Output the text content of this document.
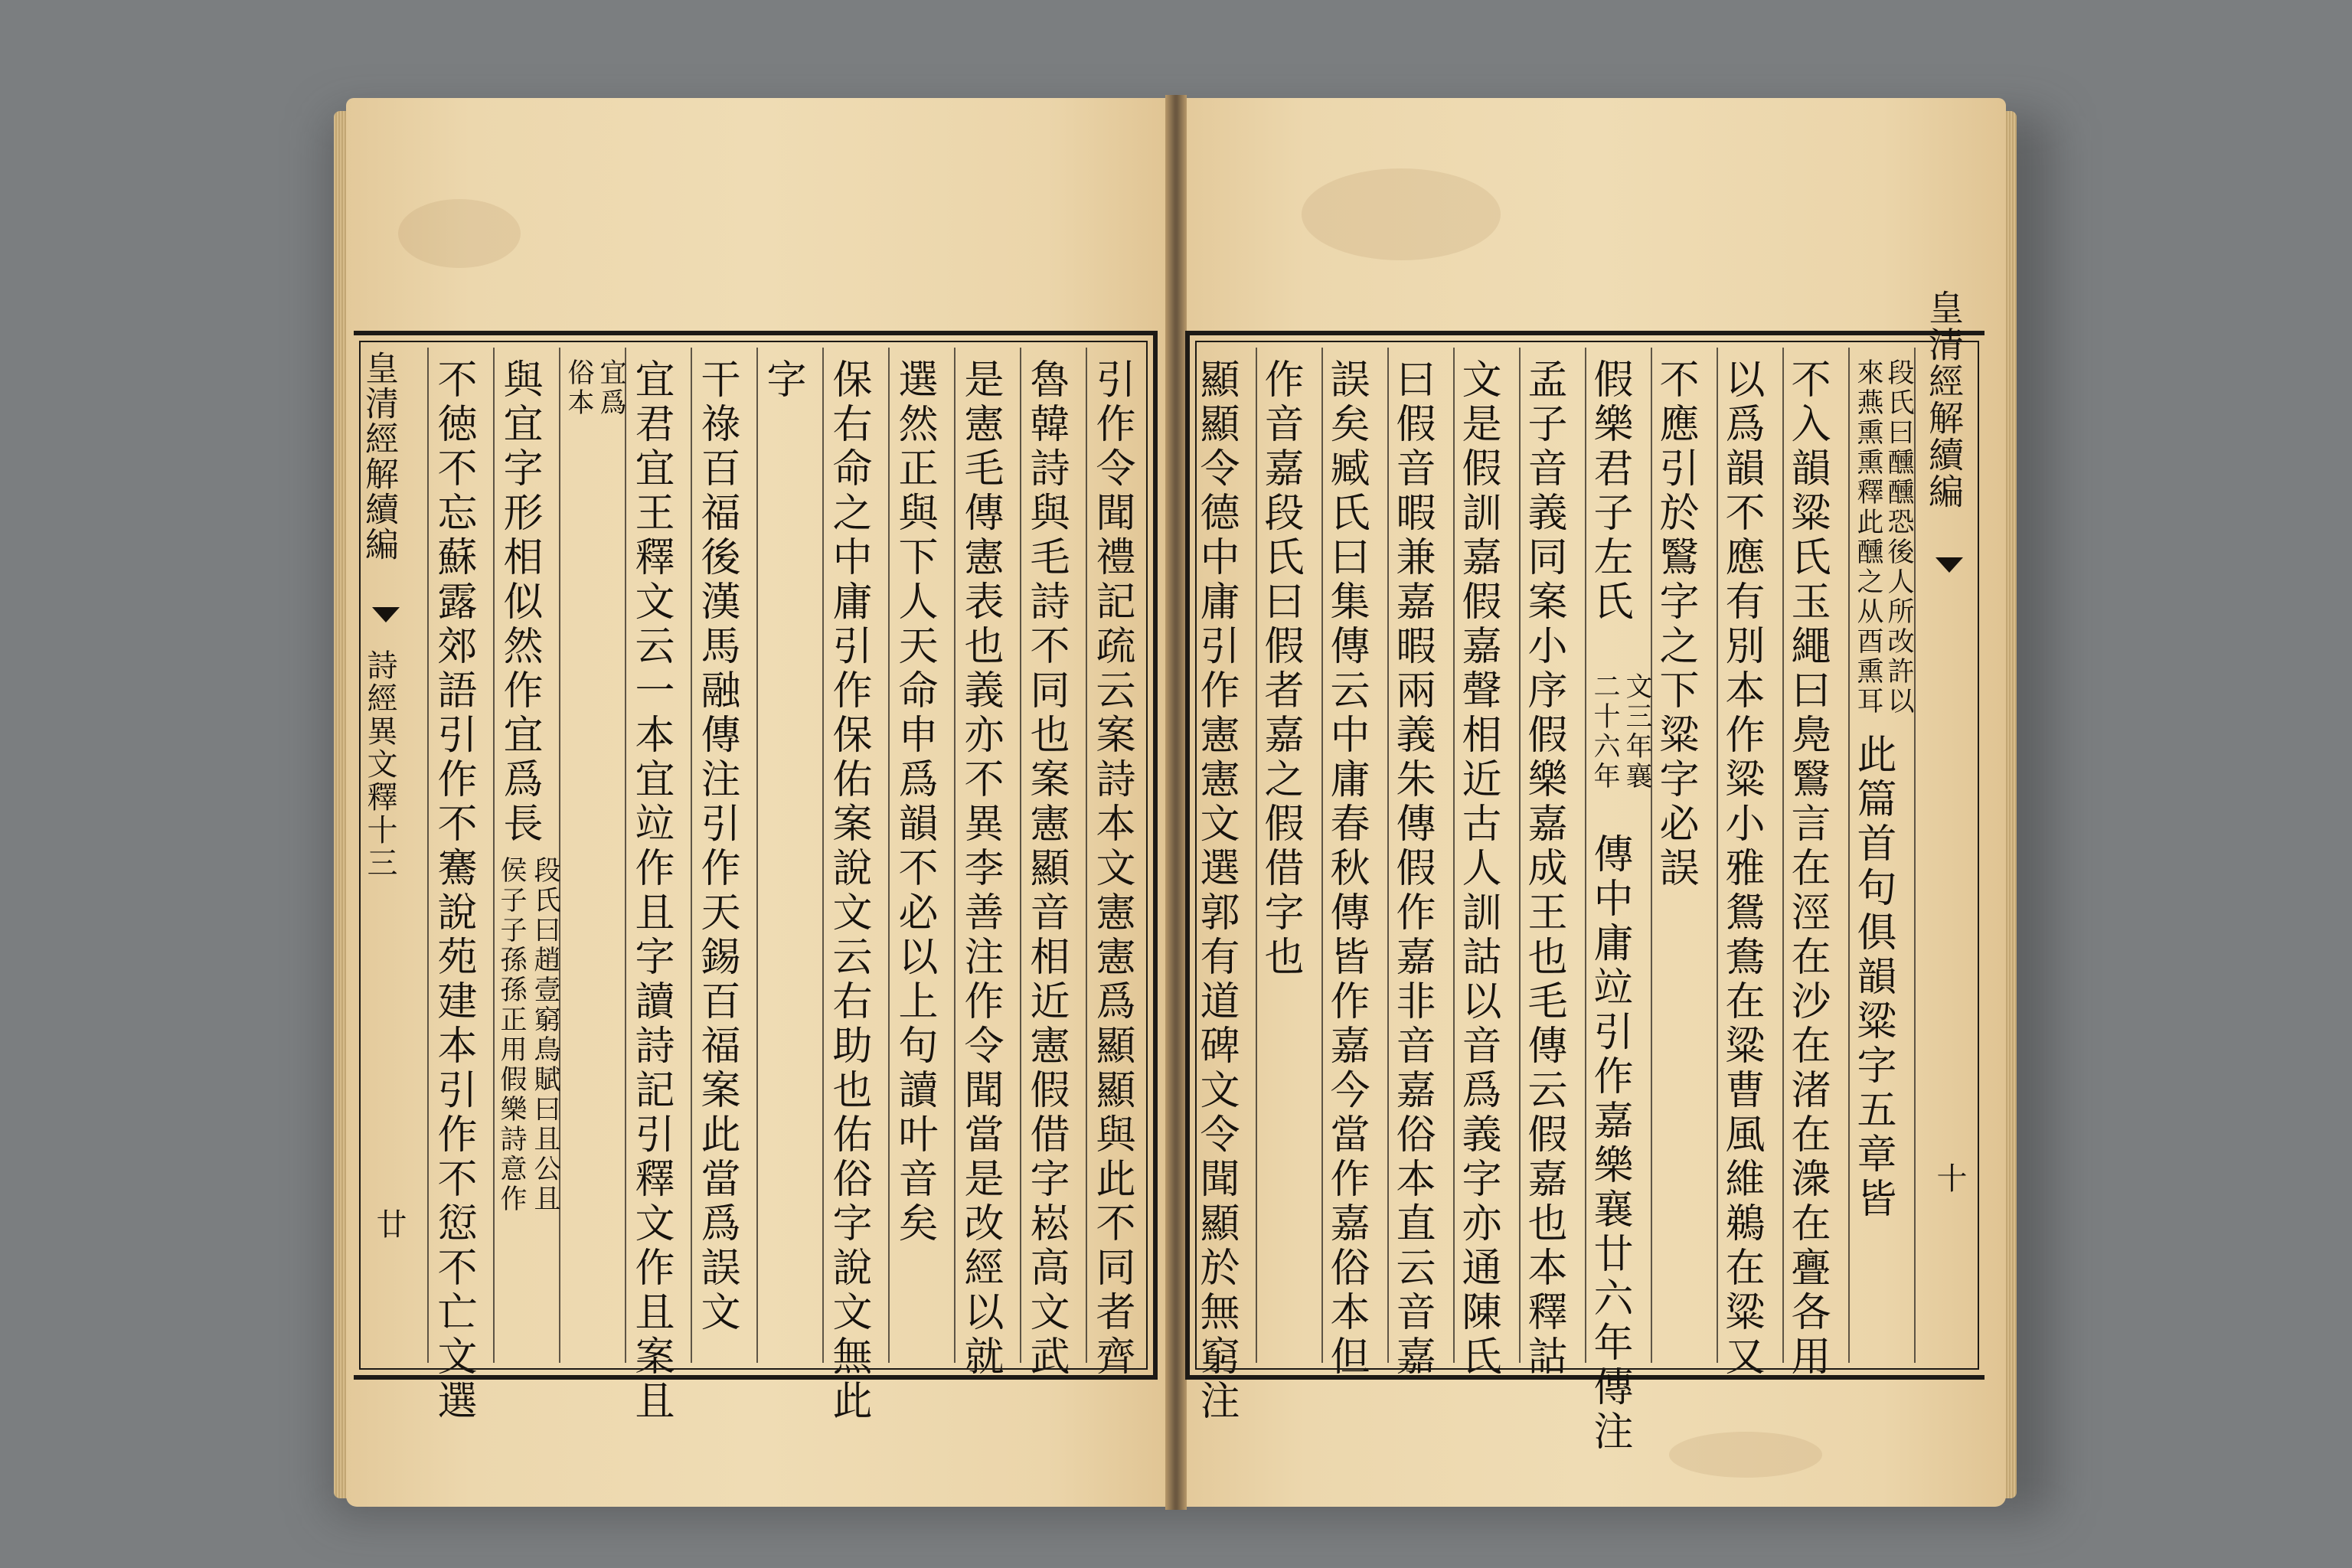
皇清經解續編
詩經異文釋十三
廿	引作令聞禮記疏云案詩本文憲憲爲顯顯與此不同者齊
魯韓詩與毛詩不同也案憲顯音相近憲假借字崧高文武
是憲毛傳憲表也義亦不異李善注作令聞當是改經以就
選然正與下人天命申爲韻不必以上句讀叶音矣
保右命之中庸引作保佑案說文云右助也佑俗字說文無此
字
干祿百福後漢馬融傳注引作天錫百福案此當爲誤文
宜君宜王釋文云一本宜竝作且字讀詩記引釋文作且案且
宜爲
俗本
與宜字形相似然作宜爲長
段氏曰趙壹窮鳥賦曰且公且
侯子子孫孫正用假樂詩意作
不徳不忘蘇露郊語引作不騫說苑建本引作不愆不亡文選	皇清經解續編
十
段氏曰醺醺恐後人所改許以
來燕熏熏釋此醺之从酉熏耳
此篇首句俱韻粱字五章皆
不入韻粱氏玉繩曰鳧鷖言在涇在沙在渚在潨在亹各用
以爲韻不應有別本作粱小雅鴛鴦在粱曹風維鵜在粱又
不應引於鷖字之下粱字必誤
假樂君子左氏
文三年襄
二十六年
傳中庸竝引作嘉樂襄廿六年傳注
孟子音義同案小序假樂嘉成王也毛傳云假嘉也本釋詁
文是假訓嘉假嘉聲相近古人訓詁以音爲義字亦通陳氏
曰假音暇兼嘉暇兩義朱傳假作嘉非音嘉俗本直云音嘉
誤矣臧氏曰集傳云中庸春秋傳皆作嘉今當作嘉俗本但
作音嘉段氏曰假者嘉之假借字也
顯顯令德中庸引作憲憲文選郭有道碑文令聞顯於無窮注
